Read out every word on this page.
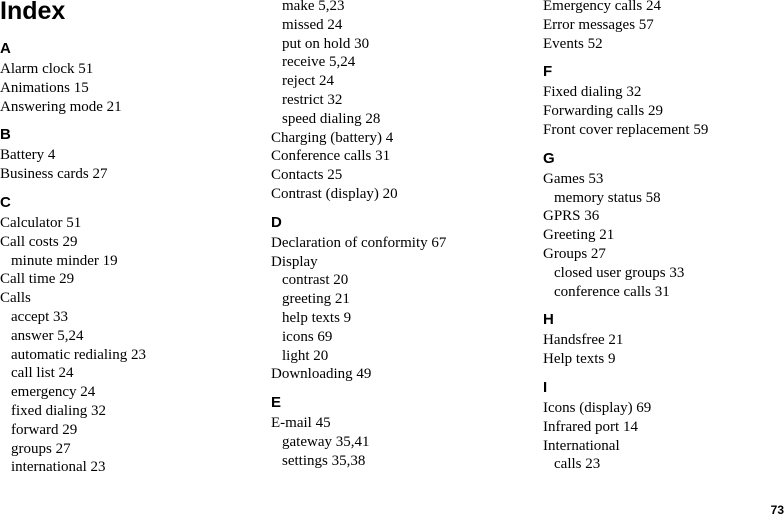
Index
A
Alarm clock 51
Animations 15
Answering mode 21
B
Battery 4
Business cards 27
C
Calculator 51
Call costs 29
minute minder 19
Call time 29
Calls
accept 33
answer 5,24
automatic redialing 23
call list 24
emergency 24
fixed dialing 32
forward 29
groups 27
international 23
make 5,23
missed 24
put on hold 30
receive 5,24
reject 24
restrict 32
speed dialing 28
Charging (battery) 4
Conference calls 31
Contacts 25
Contrast (display) 20
D
Declaration of conformity 67
Display
contrast 20
greeting 21
help texts 9
icons 69
light 20
Downloading 49
E
E-mail 45
gateway 35,41
settings 35,38
Emergency calls 24
Error messages 57
Events 52
F
Fixed dialing 32
Forwarding calls 29
Front cover replacement 59
G
Games 53
memory status 58
GPRS 36
Greeting 21
Groups 27
closed user groups 33
conference calls 31
H
Handsfree 21
Help texts 9
I
Icons (display) 69
Infrared port 14
International
calls 23
73
